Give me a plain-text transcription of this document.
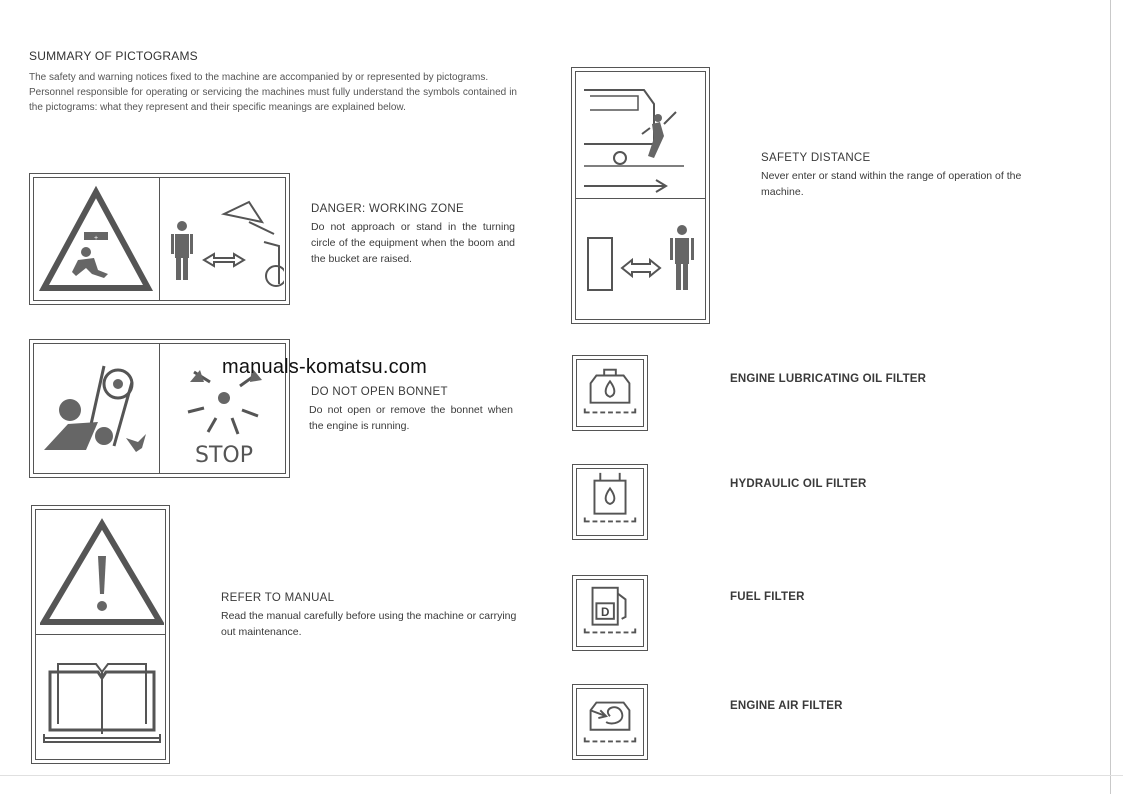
SUMMARY OF PICTOGRAMS

The safety and warning notices fixed to the machine are accompanied by or represented by pictograms.

Personnel responsible for operating or servicing the machines must fully understand the symbols contained in the pictograms: what they represent and their specific meanings are explained below.

+
DANGER: WORKING ZONE
Do not approach or stand in the turning circle of the equipment when the boom and the bucket are raised.
STOP
manuals-komatsu.com
DO NOT OPEN BONNET
Do not open or remove the bonnet when the engine is running.
REFER TO MANUAL
Read the manual carefully before using the machine or carrying out maintenance.
SAFETY DISTANCE
Never enter or stand within the range of operation of the machine.
ENGINE LUBRICATING OIL FILTER
HYDRAULIC OIL FILTER
D
FUEL FILTER
ENGINE AIR FILTER
